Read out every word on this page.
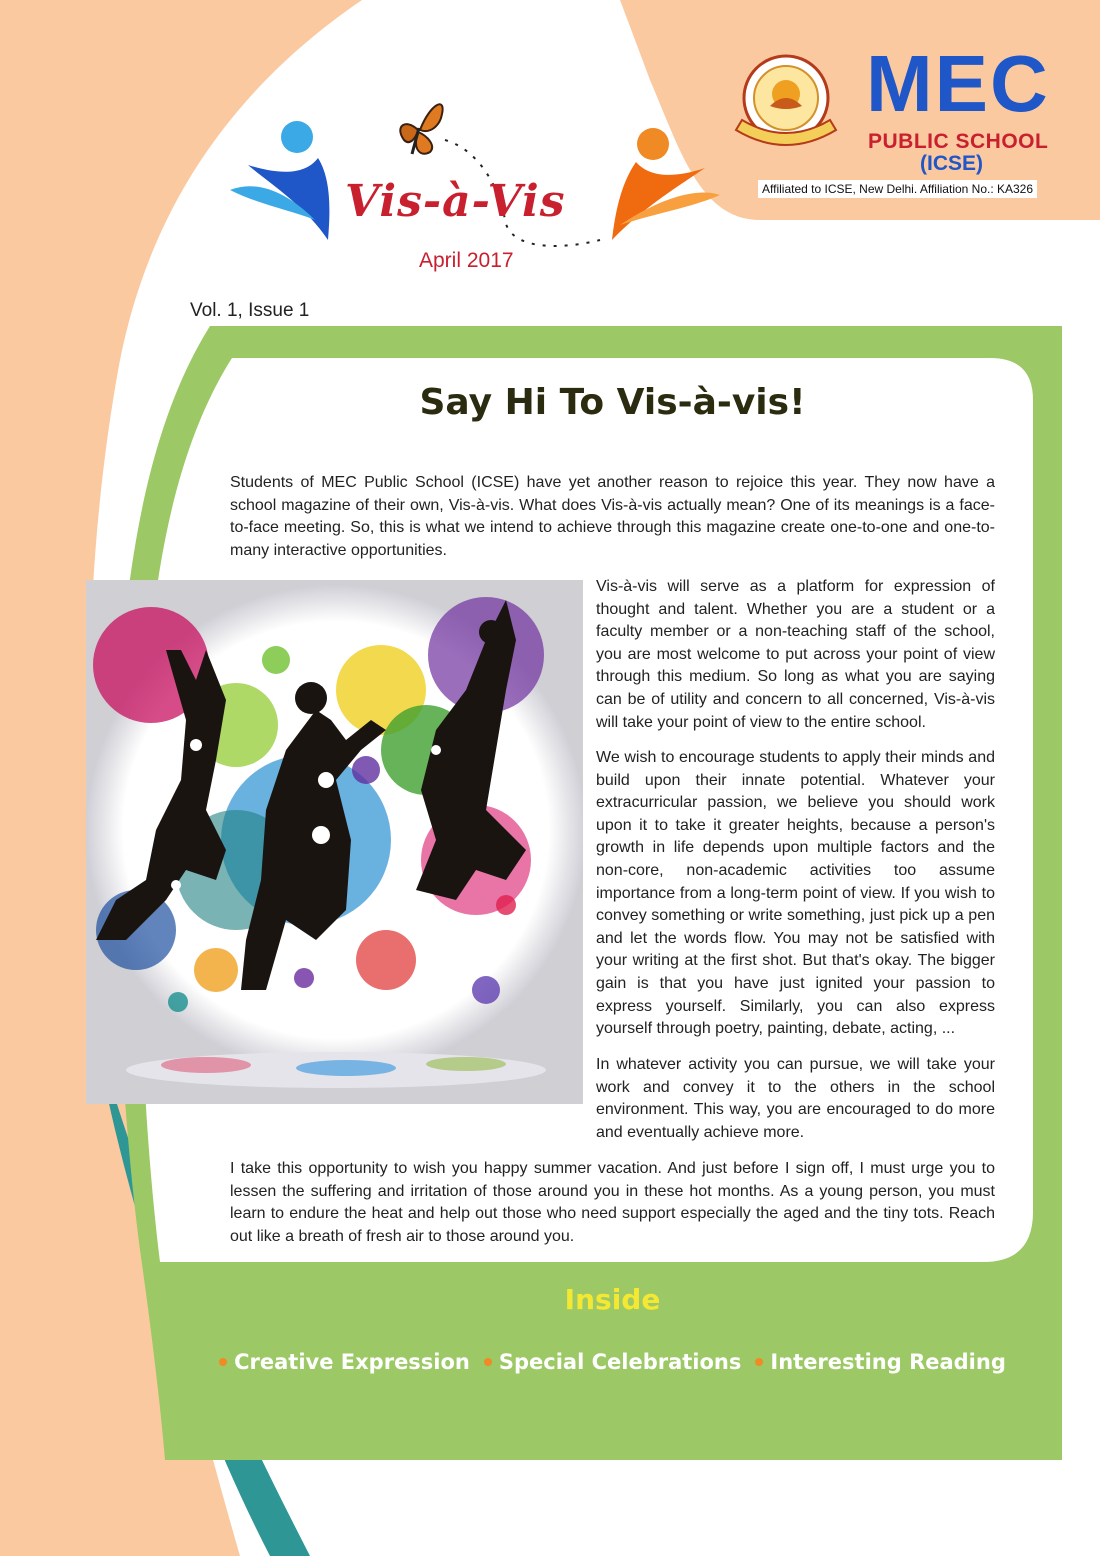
Vis-à-Vis
April 2017
Vol. 1, Issue 1
MEC
PUBLIC SCHOOL
(ICSE)
Affiliated to ICSE, New Delhi. Affiliation No.: KA326
Say Hi To Vis-à-vis!

Students of MEC Public School (ICSE) have yet another reason to rejoice this year. They now have a school magazine of their own, Vis-à-vis. What does Vis-à-vis actually mean? One of its meanings is a face-to-face meeting. So, this is what we intend to achieve through this magazine create one-to-one and one-to-many interactive opportunities.

Vis-à-vis will serve as a platform for expression of thought and talent. Whether you are a student or a faculty member or a non-teaching staff of the school, you are most welcome to put across your point of view through this medium. So long as what you are saying can be of utility and concern to all concerned, Vis-à-vis will take your point of view to the entire school.

We wish to encourage students to apply their minds and build upon their innate potential. Whatever your extracurricular passion, we believe you should work upon it to take it greater heights, because a person's growth in life depends upon multiple factors and the non-core, non-academic activities too assume importance from a long-term point of view. If you wish to convey something or write something, just pick up a pen and let the words flow. You may not be satisfied with your writing at the first shot. But that's okay. The bigger gain is that you have just ignited your passion to express yourself. Similarly, you can also express yourself through poetry, painting, debate, acting, ...

In whatever activity you can pursue, we will take your work and convey it to the others in the school environment. This way, you are encouraged to do more and eventually achieve more.

I take this opportunity to wish you happy summer vacation. And just before I sign off, I must urge you to lessen the suffering and irritation of those around you in these hot months. As a young person, you must learn to endure the heat and help out those who need support especially the aged and the tiny tots. Reach out like a breath of fresh air to those around you.

Inside
Creative Expression Special Celebrations Interesting Reading
